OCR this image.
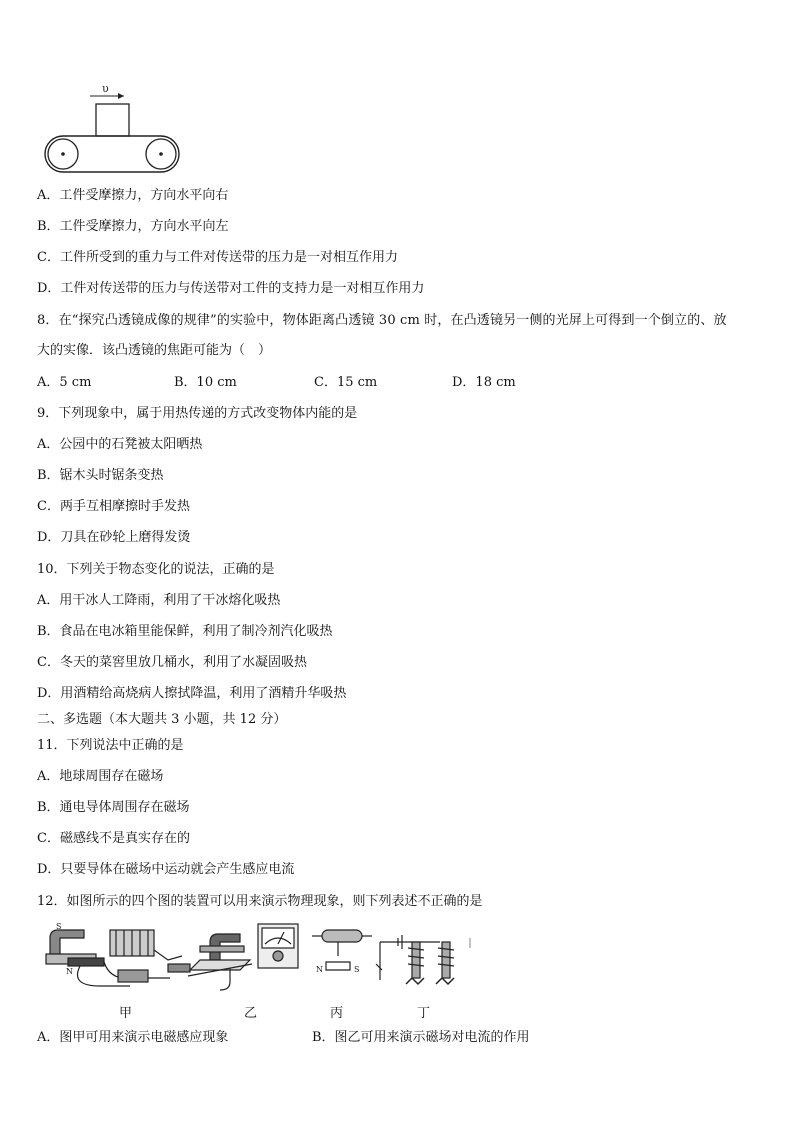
υ
A．工件受摩擦力，方向水平向右
B．工件受摩擦力，方向水平向左
C．工件所受到的重力与工件对传送带的压力是一对相互作用力
D．工件对传送带的压力与传送带对工件的支持力是一对相互作用力
8．在“探究凸透镜成像的规律”的实验中，物体距离凸透镜 30 cm 时，在凸透镜另一侧的光屏上可得到一个倒立的、放
大的实像．该凸透镜的焦距可能为（　）
A．5 cm	B．10 cm	C．15 cm	D．18 cm
9．下列现象中，属于用热传递的方式改变物体内能的是
A．公园中的石凳被太阳晒热
B．锯木头时锯条变热
C．两手互相摩擦时手发热
D．刀具在砂轮上磨得发烫
10．下列关于物态变化的说法，正确的是
A．用干冰人工降雨，利用了干冰熔化吸热
B．食品在电冰箱里能保鲜，利用了制冷剂汽化吸热
C．冬天的菜窖里放几桶水，利用了水凝固吸热
D．用酒精给高烧病人擦拭降温，利用了酒精升华吸热
二、多选题（本大题共 3 小题，共 12 分）
11．下列说法中正确的是
A．地球周围存在磁场
B．通电导体周围存在磁场
C．磁感线不是真实存在的
D．只要导体在磁场中运动就会产生感应电流
12．如图所示的四个图的装置可以用来演示物理现象，则下列表述不正确的是
S
N	N	S
甲	乙	丙	丁
A．图甲可用来演示电磁感应现象	B．图乙可用来演示磁场对电流的作用
